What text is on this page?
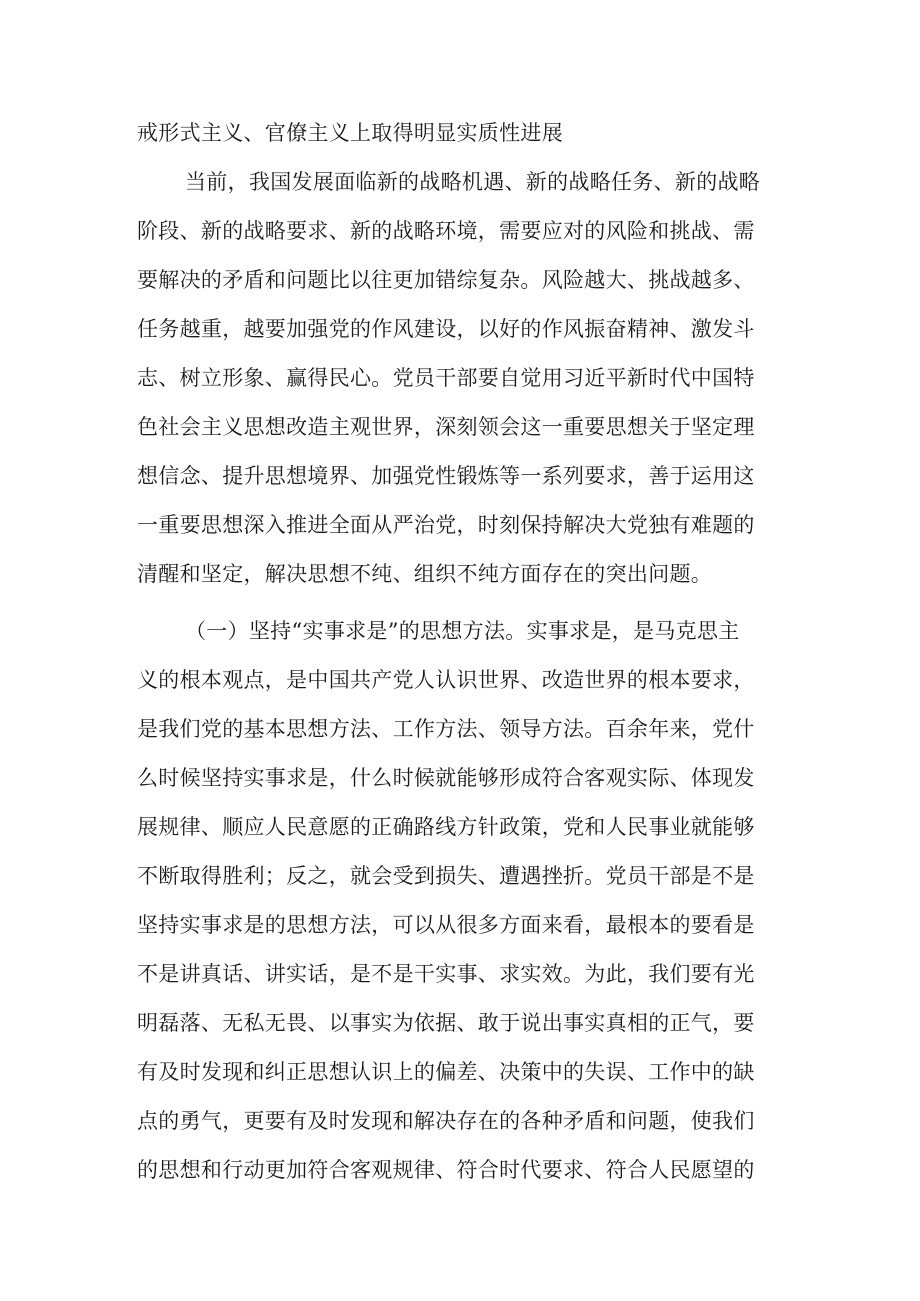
戒形式主义、官僚主义上取得明显实质性进展
当前，我国发展面临新的战略机遇、新的战略任务、新的战略
阶段、新的战略要求、新的战略环境，需要应对的风险和挑战、需
要解决的矛盾和问题比以往更加错综复杂。风险越大、挑战越多、
任务越重，越要加强党的作风建设，以好的作风振奋精神、激发斗
志、树立形象、赢得民心。党员干部要自觉用习近平新时代中国特
色社会主义思想改造主观世界，深刻领会这一重要思想关于坚定理
想信念、提升思想境界、加强党性锻炼等一系列要求，善于运用这
一重要思想深入推进全面从严治党，时刻保持解决大党独有难题的
清醒和坚定，解决思想不纯、组织不纯方面存在的突出问题。
（一）坚持“实事求是”的思想方法。实事求是，是马克思主
义的根本观点，是中国共产党人认识世界、改造世界的根本要求，
是我们党的基本思想方法、工作方法、领导方法。百余年来，党什
么时候坚持实事求是，什么时候就能够形成符合客观实际、体现发
展规律、顺应人民意愿的正确路线方针政策，党和人民事业就能够
不断取得胜利；反之，就会受到损失、遭遇挫折。党员干部是不是
坚持实事求是的思想方法，可以从很多方面来看，最根本的要看是
不是讲真话、讲实话，是不是干实事、求实效。为此，我们要有光
明磊落、无私无畏、以事实为依据、敢于说出事实真相的正气，要
有及时发现和纠正思想认识上的偏差、决策中的失误、工作中的缺
点的勇气，更要有及时发现和解决存在的各种矛盾和问题，使我们
的思想和行动更加符合客观规律、符合时代要求、符合人民愿望的
